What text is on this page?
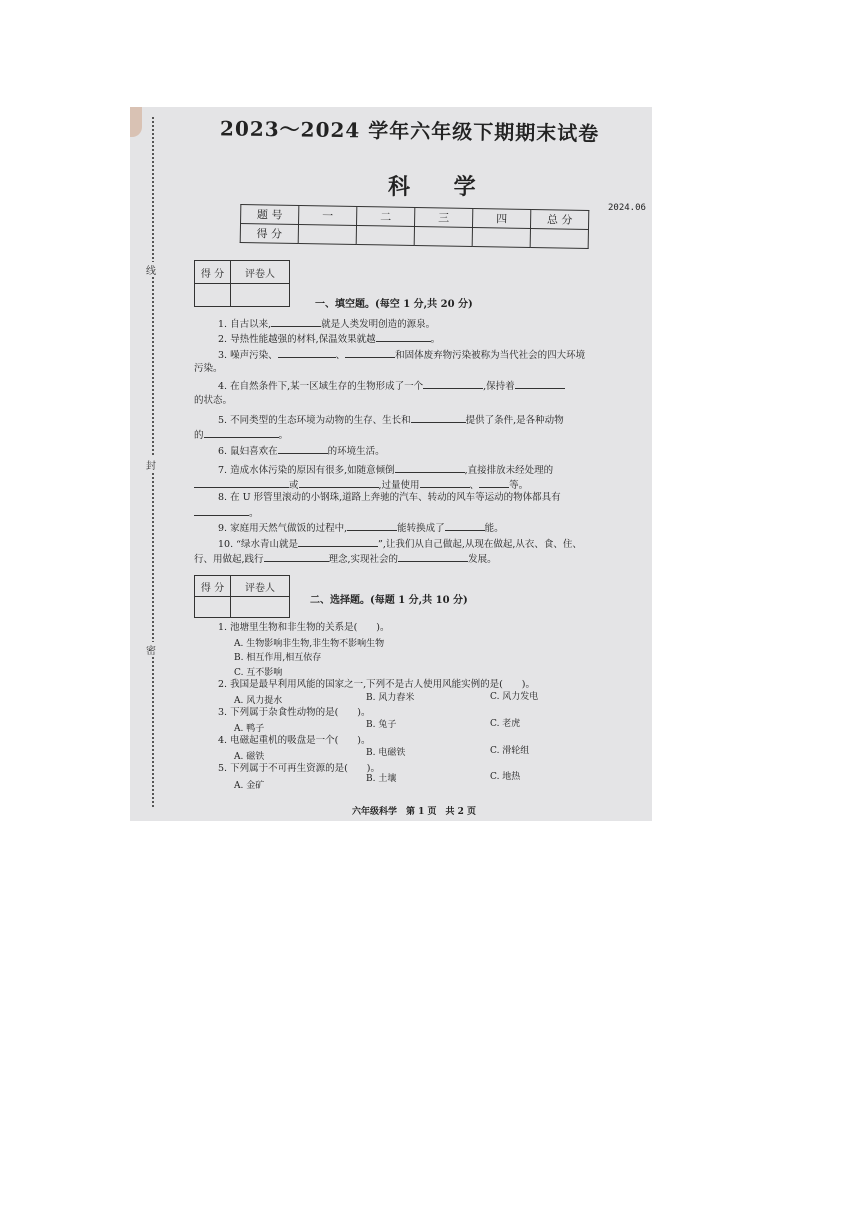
线
封
密
2023～2024 学年六年级下期期末试卷
科 学
2024.06
题 号	一	二	三	四	总 分
得 分					
得 分	评卷人

一、填空题。(每空 1 分,共 20 分)
1. 自古以来,	就是人类发明创造的源泉。
2. 导热性能越强的材料,保温效果就越	。
3. 噪声污染、	、	和固体废弃物污染被称为当代社会的四大环境
污染。
4. 在自然条件下,某一区域生存的生物形成了一个	,保持着
的状态。
5. 不同类型的生态环境为动物的生存、生长和	提供了条件,是各种动物
的	。
6. 鼠妇喜欢在	的环境生活。
7. 造成水体污染的原因有很多,如随意倾倒	,直接排放未经处理的
或	,过量使用	、	等。
8. 在 U 形管里滚动的小钢珠,道路上奔驰的汽车、转动的风车等运动的物体都具有
。
9. 家庭用天然气做饭的过程中,	能转换成了	能。
10. “绿水青山就是	”,让我们从自己做起,从现在做起,从衣、食、住、
行、用做起,践行	理念,实现社会的	发展。
得 分	评卷人

二、选择题。(每题 1 分,共 10 分)
1. 池塘里生物和非生物的关系是(　　)。
A. 生物影响非生物,非生物不影响生物
B. 相互作用,相互依存
C. 互不影响
2. 我国是最早利用风能的国家之一,下列不是古人使用风能实例的是(　　)。
A. 风力提水	B. 风力舂米	C. 风力发电
3. 下列属于杂食性动物的是(　　)。
A. 鸭子	B. 兔子	C. 老虎
4. 电磁起重机的吸盘是一个(　　)。
A. 磁铁	B. 电磁铁	C. 滑轮组
5. 下列属于不可再生资源的是(　　)。
A. 金矿
B. 土壤	C. 地热
六年级科学　第 1 页　共 2 页
